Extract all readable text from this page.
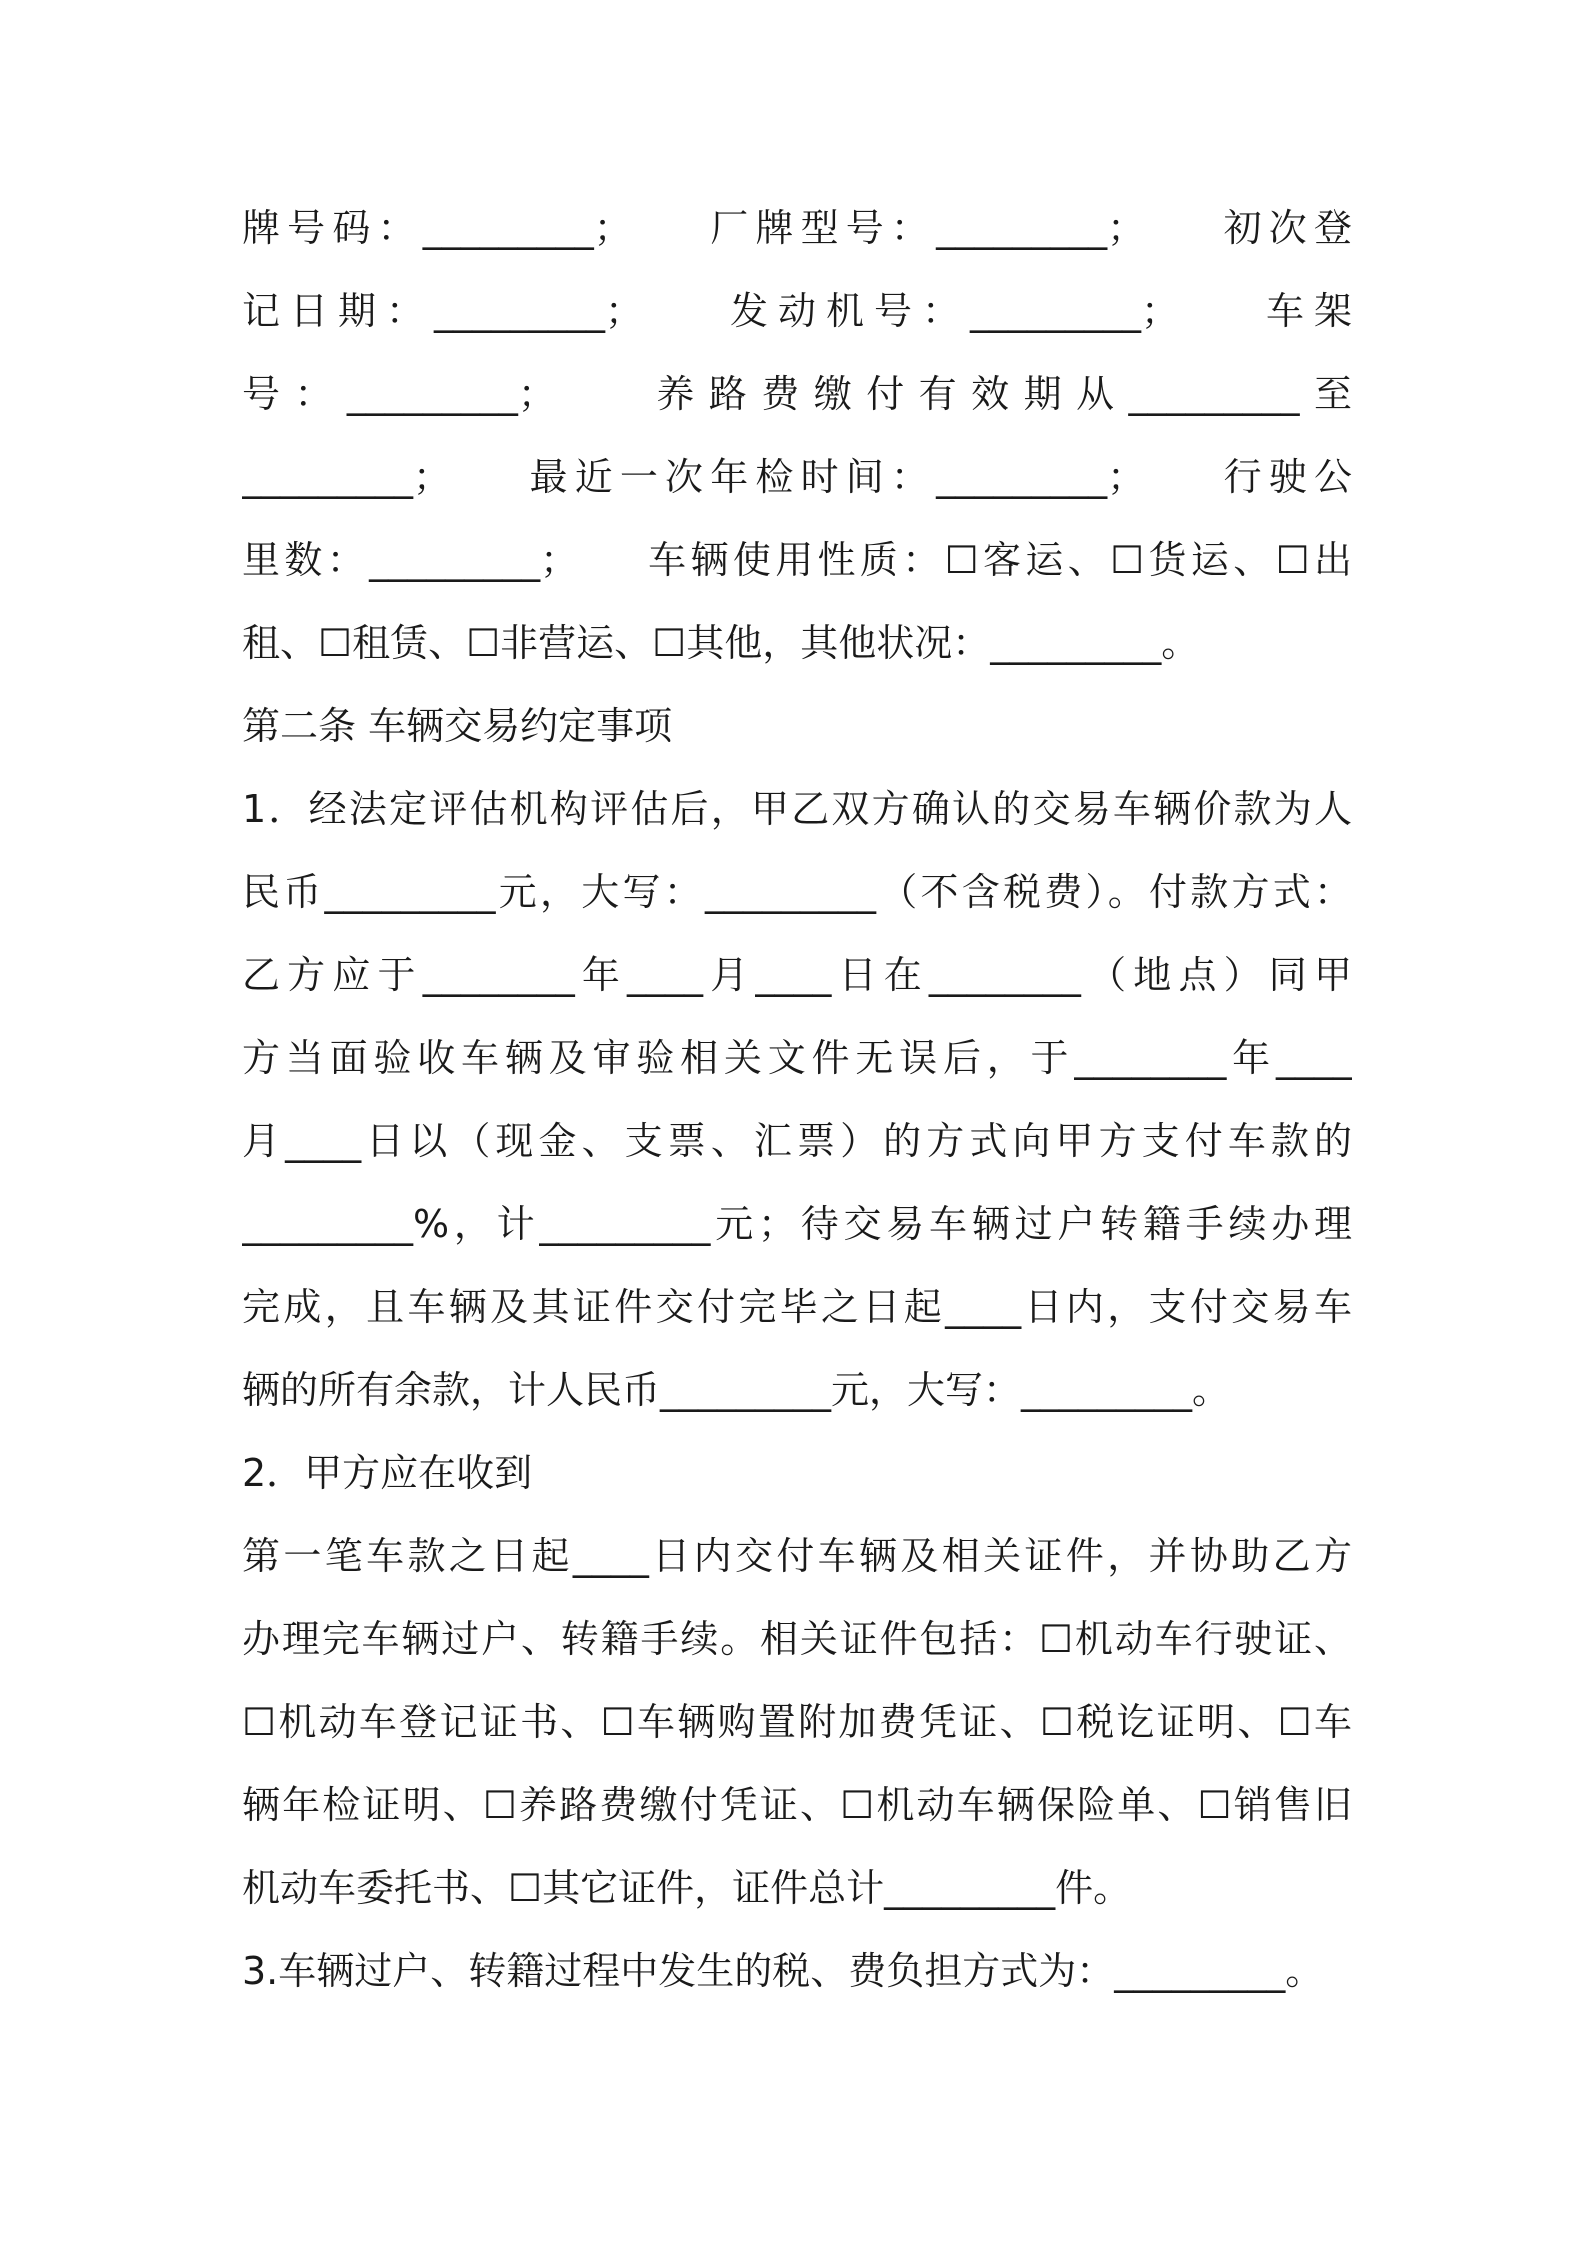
牌号码：_________；　　厂牌型号：_________；　　初次登
记日期：_________；　　发动机号：_________；　　车架
号：_________；　　养路费缴付有效期从_________至
_________；　　最近一次年检时间：_________；　　行驶公
里数：_________；　　车辆使用性质：☐客运、☐货运、☐出
租、☐租赁、☐非营运、☐其他，其他状况：_________。
第二条 车辆交易约定事项
1．经法定评估机构评估后，甲乙双方确认的交易车辆价款为人
民币_________元，大写：_________（不含税费）。付款方式：
乙方应于________年____月____日在________（地点）同甲
方当面验收车辆及审验相关文件无误后，于________年____
月____日以（现金、支票、汇票）的方式向甲方支付车款的
_________%，计_________元；待交易车辆过户转籍手续办理
完成，且车辆及其证件交付完毕之日起____日内，支付交易车
辆的所有余款，计人民币_________元，大写：_________。
2．甲方应在收到
第一笔车款之日起____日内交付车辆及相关证件，并协助乙方
办理完车辆过户、转籍手续。相关证件包括：☐机动车行驶证、
☐机动车登记证书、☐车辆购置附加费凭证、☐税讫证明、☐车
辆年检证明、☐养路费缴付凭证、☐机动车辆保险单、☐销售旧
机动车委托书、☐其它证件，证件总计_________件。
3.车辆过户、转籍过程中发生的税、费负担方式为：_________。
